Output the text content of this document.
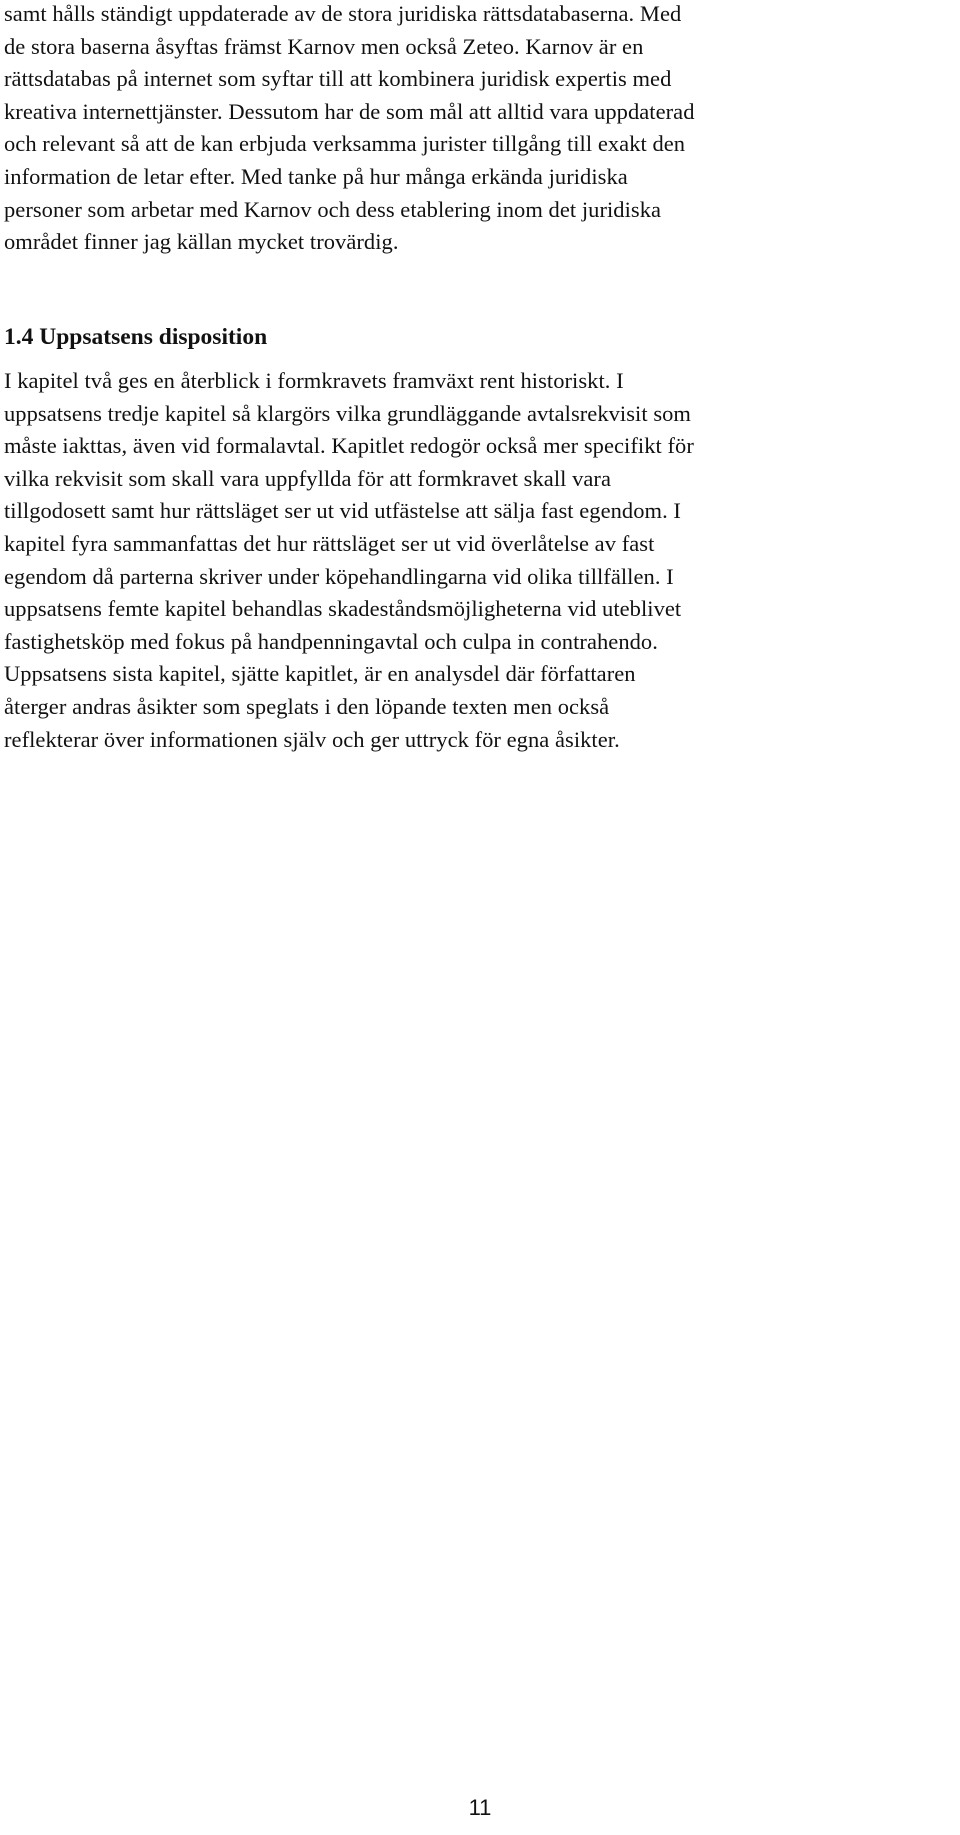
samt hålls ständigt uppdaterade av de stora juridiska rättsdatabaserna. Med
de stora baserna åsyftas främst Karnov men också Zeteo. Karnov är en
rättsdatabas på internet som syftar till att kombinera juridisk expertis med
kreativa internettjänster. Dessutom har de som mål att alltid vara uppdaterad
och relevant så att de kan erbjuda verksamma jurister tillgång till exakt den
information de letar efter. Med tanke på hur många erkända juridiska
personer som arbetar med Karnov och dess etablering inom det juridiska
området finner jag källan mycket trovärdig.
1.4 Uppsatsens disposition
I kapitel två ges en återblick i formkravets framväxt rent historiskt. I
uppsatsens tredje kapitel så klargörs vilka grundläggande avtalsrekvisit som
måste iakttas, även vid formalavtal. Kapitlet redogör också mer specifikt för
vilka rekvisit som skall vara uppfyllda för att formkravet skall vara
tillgodosett samt hur rättsläget ser ut vid utfästelse att sälja fast egendom. I
kapitel fyra sammanfattas det hur rättsläget ser ut vid överlåtelse av fast
egendom då parterna skriver under köpehandlingarna vid olika tillfällen. I
uppsatsens femte kapitel behandlas skadeståndsmöjligheterna vid uteblivet
fastighetsköp med fokus på handpenningavtal och culpa in contrahendo.
Uppsatsens sista kapitel, sjätte kapitlet, är en analysdel där författaren
återger andras åsikter som speglats i den löpande texten men också
reflekterar över informationen själv och ger uttryck för egna åsikter.
11
